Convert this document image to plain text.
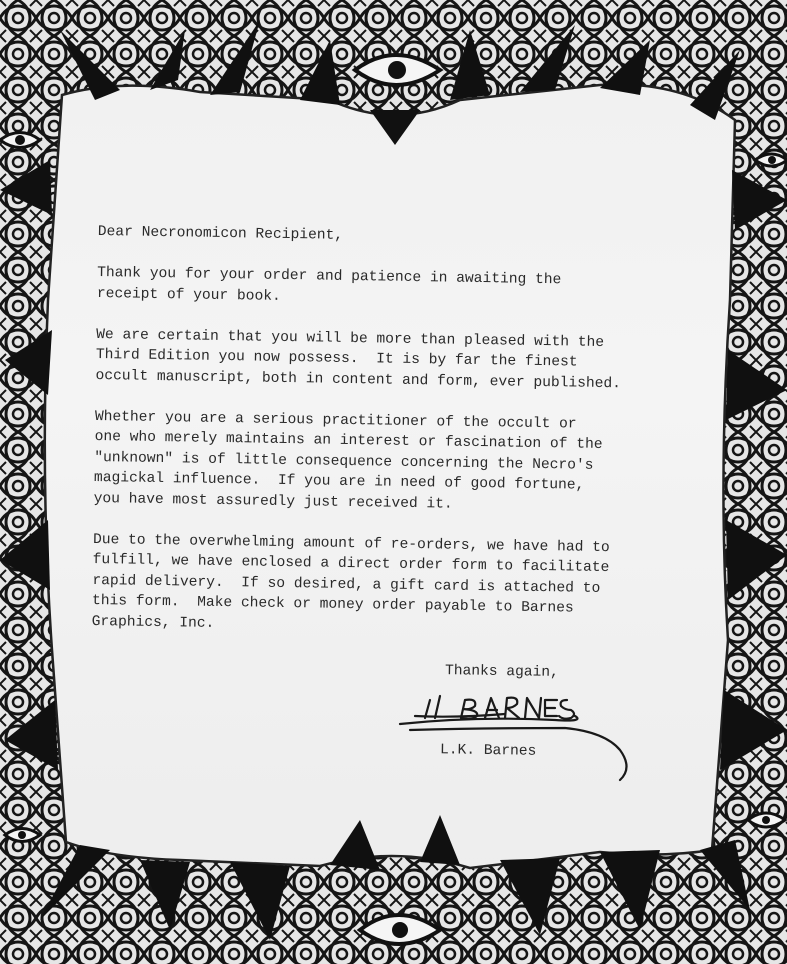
Dear Necronomicon Recipient,

Thank you for your order and patience in awaiting the
receipt of your book.

We are certain that you will be more than pleased with the
Third Edition you now possess.  It is by far the finest
occult manuscript, both in content and form, ever published.

Whether you are a serious practitioner of the occult or
one who merely maintains an interest or fascination of the
"unknown" is of little consequence concerning the Necro's
magickal influence.  If you are in need of good fortune,
you have most assuredly just received it.

Due to the overwhelming amount of re-orders, we have had to
fulfill, we have enclosed a direct order form to facilitate
rapid delivery.  If so desired, a gift card is attached to
this form.  Make check or money order payable to Barnes
Graphics, Inc.

Thanks again,
L.K. Barnes
